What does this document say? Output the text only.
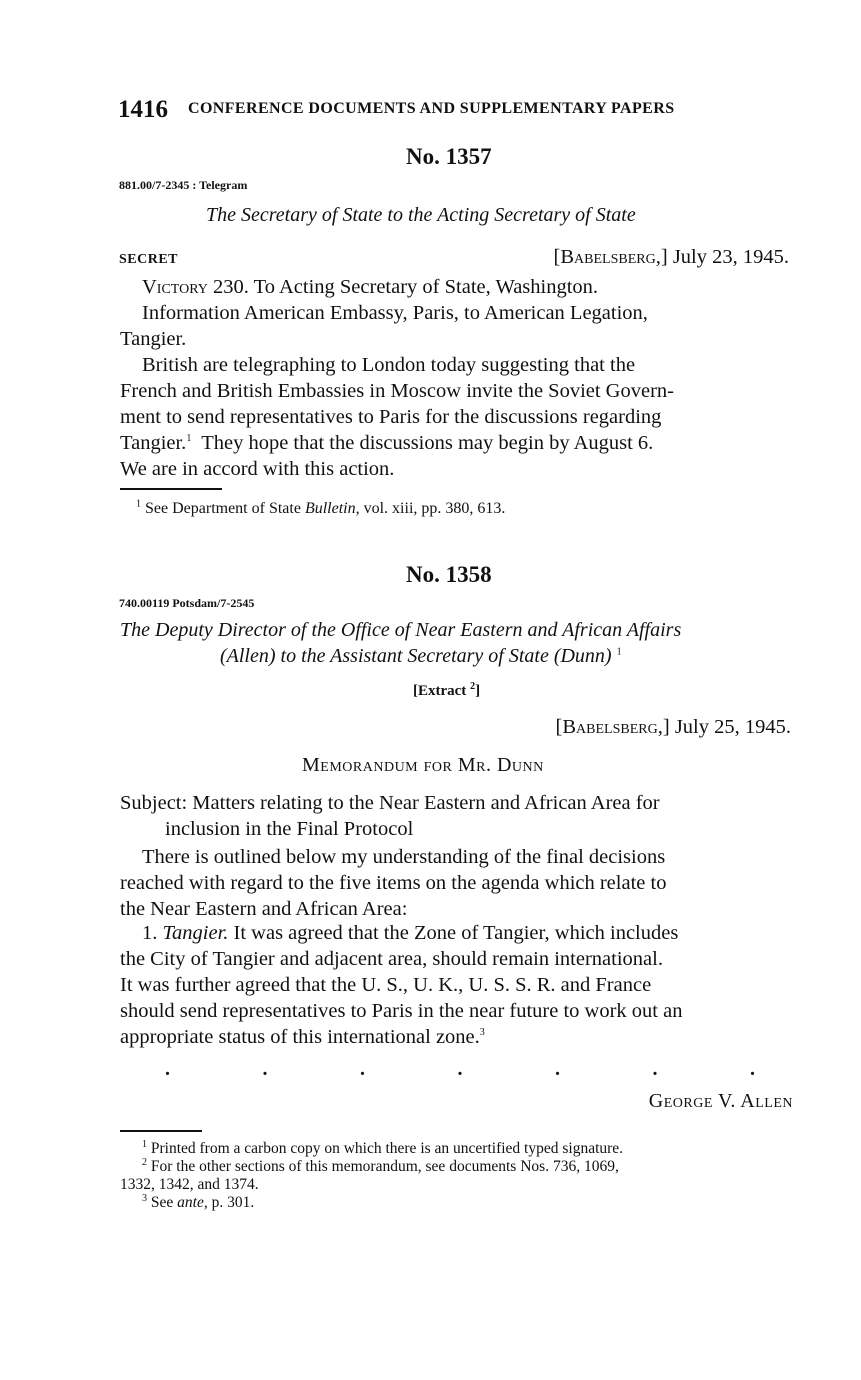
1416 CONFERENCE DOCUMENTS AND SUPPLEMENTARY PAPERS
No. 1357
881.00/7-2345 : Telegram
The Secretary of State to the Acting Secretary of State
SECRET	[Babelsberg,] July 23, 1945.
Victory 230. To Acting Secretary of State, Washington.
Information American Embassy, Paris, to American Legation,
Tangier.
British are telegraphing to London today suggesting that the
French and British Embassies in Moscow invite the Soviet Govern-
ment to send representatives to Paris for the discussions regarding
Tangier.$^1$ They hope that the discussions may begin by August 6.
We are in accord with this action.
$^1$ See Department of State Bulletin, vol. xiii, pp. 380, 613.
No. 1358
740.00119 Potsdam/7-2545
The Deputy Director of the Office of Near Eastern and African Affairs
(Allen) to the Assistant Secretary of State (Dunn) $^1$
[Extract $^2$]
[Babelsberg,] July 25, 1945.
Memorandum for Mr. Dunn
Subject: Matters relating to the Near Eastern and African Area for
inclusion in the Final Protocol
There is outlined below my understanding of the final decisions
reached with regard to the five items on the agenda which relate to
the Near Eastern and African Area:
1. Tangier. It was agreed that the Zone of Tangier, which includes
the City of Tangier and adjacent area, should remain international.
It was further agreed that the U. S., U. K., U. S. S. R. and France
should send representatives to Paris in the near future to work out an
appropriate status of this international zone.$^3$
.	.	.	.	.	.	.
George V. Allen
$^1$ Printed from a carbon copy on which there is an uncertified typed signature.
$^2$ For the other sections of this memorandum, see documents Nos. 736, 1069,
1332, 1342, and 1374.
$^3$ See ante, p. 301.
